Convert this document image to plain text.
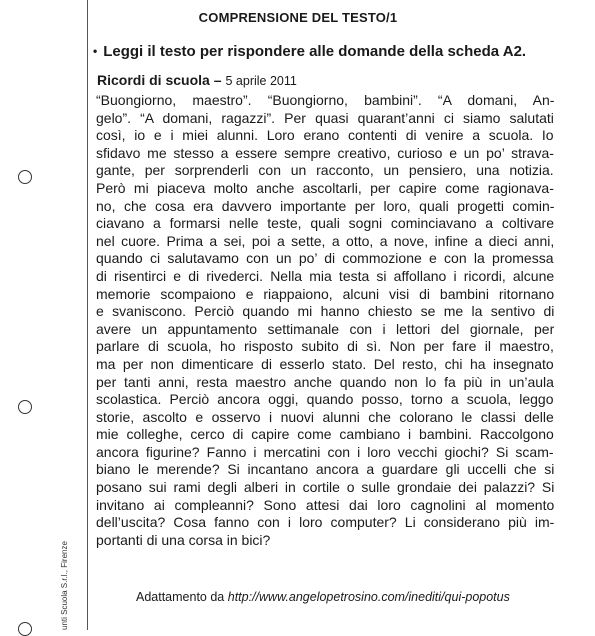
unti Scuola S.r.l., Firenze
COMPRENSIONE DEL TESTO/1
• Leggi il testo per rispondere alle domande della scheda A2.
Ricordi di scuola – 5 aprile 2011
“Buongiorno, maestro”. “Buongiorno, bambini”. “A domani, An-
gelo”. “A domani, ragazzi”. Per quasi quarant’anni ci siamo salutati
così, io e i miei alunni. Loro erano contenti di venire a scuola. Io
sfidavo me stesso a essere sempre creativo, curioso e un po’ strava-
gante, per sorprenderli con un racconto, un pensiero, una notizia.
Però mi piaceva molto anche ascoltarli, per capire come ragionava-
no, che cosa era davvero importante per loro, quali progetti comin-
ciavano a formarsi nelle teste, quali sogni cominciavano a coltivare
nel cuore. Prima a sei, poi a sette, a otto, a nove, infine a dieci anni,
quando ci salutavamo con un po’ di commozione e con la promessa
di risentirci e di rivederci. Nella mia testa si affollano i ricordi, alcune
memorie scompaiono e riappaiono, alcuni visi di bambini ritornano
e svaniscono. Perciò quando mi hanno chiesto se me la sentivo di
avere un appuntamento settimanale con i lettori del giornale, per
parlare di scuola, ho risposto subito di sì. Non per fare il maestro,
ma per non dimenticare di esserlo stato. Del resto, chi ha insegnato
per tanti anni, resta maestro anche quando non lo fa più in un’aula
scolastica. Perciò ancora oggi, quando posso, torno a scuola, leggo
storie, ascolto e osservo i nuovi alunni che colorano le classi delle
mie colleghe, cerco di capire come cambiano i bambini. Raccolgono
ancora figurine? Fanno i mercatini con i loro vecchi giochi? Si scam-
biano le merende? Si incantano ancora a guardare gli uccelli che si
posano sui rami degli alberi in cortile o sulle grondaie dei palazzi? Si
invitano ai compleanni? Sono attesi dai loro cagnolini al momento
dell’uscita? Cosa fanno con i loro computer? Li considerano più im-
portanti di una corsa in bici?
Adattamento da http://www.angelopetrosino.com/inediti/qui-popotus
